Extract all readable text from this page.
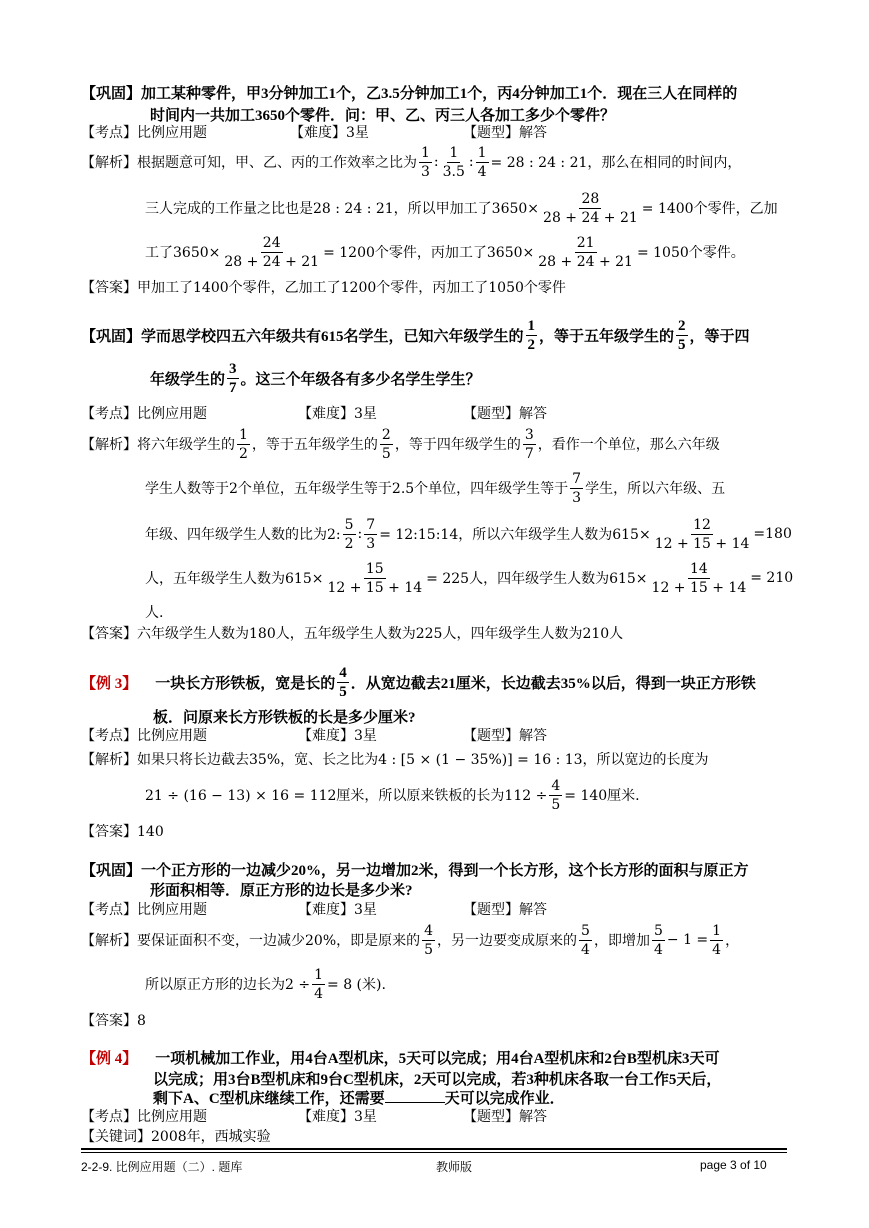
【巩固】加工某种零件，甲3分钟加工1个，乙3.5分钟加工1个，丙4分钟加工1个．现在三人在同样的
时间内一共加工3650个零件．问：甲、乙、丙三人各加工多少个零件？
【考点】比例应用题	【难度】3星	【题型】解答
【解析】 根据题意可知，甲、乙、丙的工作效率之比为 $\frac{1}{3}$ : $\frac{1}{3.5}$ : $\frac{1}{4} = 28$ : 24 : 21，那么在相同的时间内，
三人完成的工作量之比也是28 : 24 : 21，所以甲加工了$3650\times \frac{28}{28 + 24 + 21} = 1400$个零件，乙加
工了$3650\times \frac{24}{28 + 24 + 21} = 1200$个零件，丙加工了$3650\times \frac{21}{28 + 24 + 21} = 1050$个零件。
【答案】甲加工了1400个零件，乙加工了1200个零件，丙加工了1050个零件
【巩固】 学而思学校四五六年级共有615名学生，已知六年级学生的 $\frac{1}{2}$ ，等于五年级学生的 $\frac{2}{5}$ ，等于四
年级学生的 $\frac{3}{7}$ 。这三个年级各有多少名学生学生？
【考点】比例应用题	【难度】3星	【题型】解答
【解析】 将六年级学生的 $\frac{1}{2}$ ，等于五年级学生的 $\frac{2}{5}$ ，等于四年级学生的 $\frac{3}{7}$ ，看作一个单位，那么六年级
学生人数等于2个单位，五年级学生等于2.5个单位，四年级学生等于 $\frac{7}{3}$ 学生，所以六年级、五
年级、四年级学生人数的比为2: $\frac{5}{2}$ : $\frac{7}{3}$ = 12:15:14，所以六年级学生人数为$615\times \frac{12}{12 + 15 + 14} =180$
人，五年级学生人数为$615\times \frac{15}{12 + 15 + 14} = 225$人，四年级学生人数为$615\times \frac{14}{12 + 15 + 14} = 210$
人.
【答案】六年级学生人数为180人，五年级学生人数为225人，四年级学生人数为210人
【例 3】 一块长方形铁板，宽是长的 $\frac{4}{5}$ ．从宽边截去21厘米，长边截去35%以后，得到一块正方形铁
板．问原来长方形铁板的长是多少厘米?
【考点】比例应用题	【难度】3星	【题型】解答
【解析】如果只将长边截去35%，宽、长之比为4 : [5 × (1 − 35%)] = 16 : 13，所以宽边的长度为
21 ÷ (16 − 13) × 16 = 112厘米，所以原来铁板的长为$112 \div \frac{4}{5} = 140$厘米.
【答案】140
【巩固】一个正方形的一边减少20%，另一边增加2米，得到一个长方形，这个长方形的面积与原正方
形面积相等．原正方形的边长是多少米?
【考点】比例应用题	【难度】3星	【题型】解答
【解析】 要保证面积不变，一边减少20%，即是原来的 $\frac{4}{5}$ ，另一边要变成原来的 $\frac{5}{4}$ ，即增加 $\frac{5}{4} - 1 = \frac{1}{4}$ ，
所以原正方形的边长为$2 \div \frac{1}{4} = 8$ (米).
【答案】8
【例 4】 一项机械加工作业，用4台A型机床，5天可以完成；用4台A型机床和2台B型机床3天可
以完成；用3台B型机床和9台C型机床，2天可以完成，若3种机床各取一台工作5天后，
剩下A、C型机床继续工作，还需要	天可以完成作业．
【考点】比例应用题	【难度】3星	【题型】解答
【关键词】2008年，西城实验
2-2-9. 比例应用题（二）. 题库	教师版	page 3 of 10
